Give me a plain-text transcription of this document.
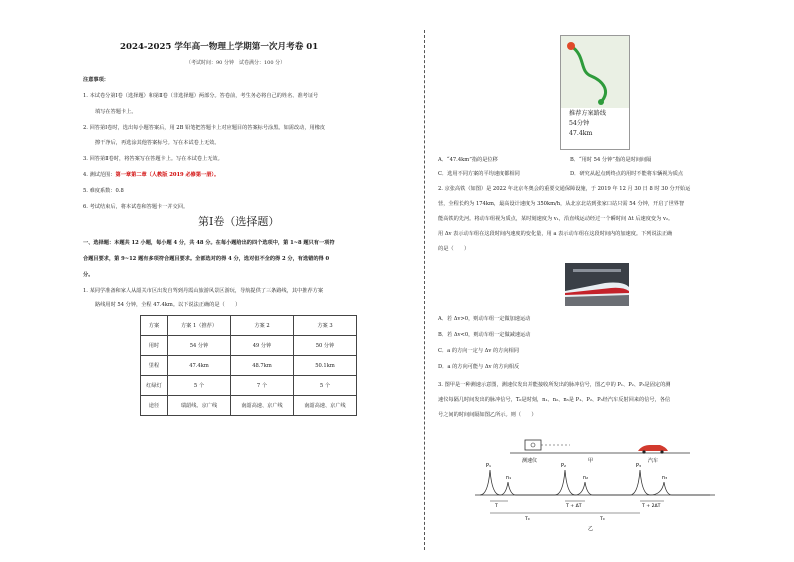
2024-2025 学年高一物理上学期第一次月考卷 01
（考试时间：90 分钟　试卷满分：100 分）
注意事项：
1. 本试卷分第Ⅰ卷（选择题）和第Ⅱ卷（非选择题）两部分。答卷前，考生务必将自己的姓名、准考证号
填写在答题卡上。
2. 回答第Ⅰ卷时，选出每小题答案后，用 2B 铅笔把答题卡上对应题目的答案标号涂黑。如需改动，用橡皮
擦干净后，再选涂其他答案标号。写在本试卷上无效。
3. 回答第Ⅱ卷时，将答案写在答题卡上。写在本试卷上无效。
4. 测试范围：第一章第二章（人教版 2019 必修第一册）。
5. 难度系数：0.8
6. 考试结束后，将本试卷和答题卡一并交回。
第Ⅰ卷（选择题）
一、选择题：本题共 12 小题，每小题 4 分，共 48 分。在每小题给出的四个选项中，第 1~8 题只有一项符
合题目要求，第 9~12 题有多项符合题目要求。全部选对的得 4 分，选对但不全的得 2 分，有选错的得 0
分。
1. 某同学准备和家人从韶关市区出发自驾到丹霞山旅游风景区游玩，导航提供了三条路线，其中推荐方案
路线用时 54 分钟，全程 47.4km。以下说法正确的是（　　）
方案	方案 1（推荐）	方案 2	方案 3
用时	54 分钟	49 分钟	50 分钟
里程	47.4km	48.7km	50.1km
红绿灯	5 个	7 个	5 个
途径	瑞韶线、京广线	南韶高速、京广线	南韶高速、京广线
推荐方案路线
54分钟
47.4km
A．“47.4km”指的是位移	B．“用时 54 分钟”指的是时间间隔
C．选用不同方案的平均速度都相同	D．研究从起点到终点的用时不能将车辆视为质点
2. 京张高铁（如图）是 2022 年北京冬奥会的重要交通保障设施，于 2019 年 12 月 30 日 8 时 30 分开始运
营，全程长约为 174km，最高设计速度为 350km/h，从北京北站到张家口站只需 54 分钟，开启了世界智
能高铁的先河。将动车组视为质点，某时刻速度为 v₁，沿直线运动经过一个瞬时间 Δt 后速度变为 v₂。
用 Δv 表示动车组在这段时间内速度的变化量，用 a 表示动车组在这段时间内的加速度。下列说法正确
的是（　　）
A．若 Δv>0，则动车组一定做加速运动
B．若 Δv<0，则动车组一定做减速运动
C．a 的方向一定与 Δv 的方向相同
D．a 的方向可能与 Δv 的方向相反
3. 图甲是一种测速示意图，测速仪发出并能接收所发出的脉冲信号，图乙中的 P₁、P₂、P₃是固定的测
速仪每隔几时间发出的脉冲信号，T₀是时刻，n₁、n₂、n₃是 P₁、P₂、P₃经汽车反射回来的信号，各信
号之间的时间间隔如图乙所示。则（　　）
测速仪	甲	汽车
P₁
n₁
P₂
n₂
P₃
n₃
T	T + ΔT	T + 2ΔT
T₀	T₀
乙
